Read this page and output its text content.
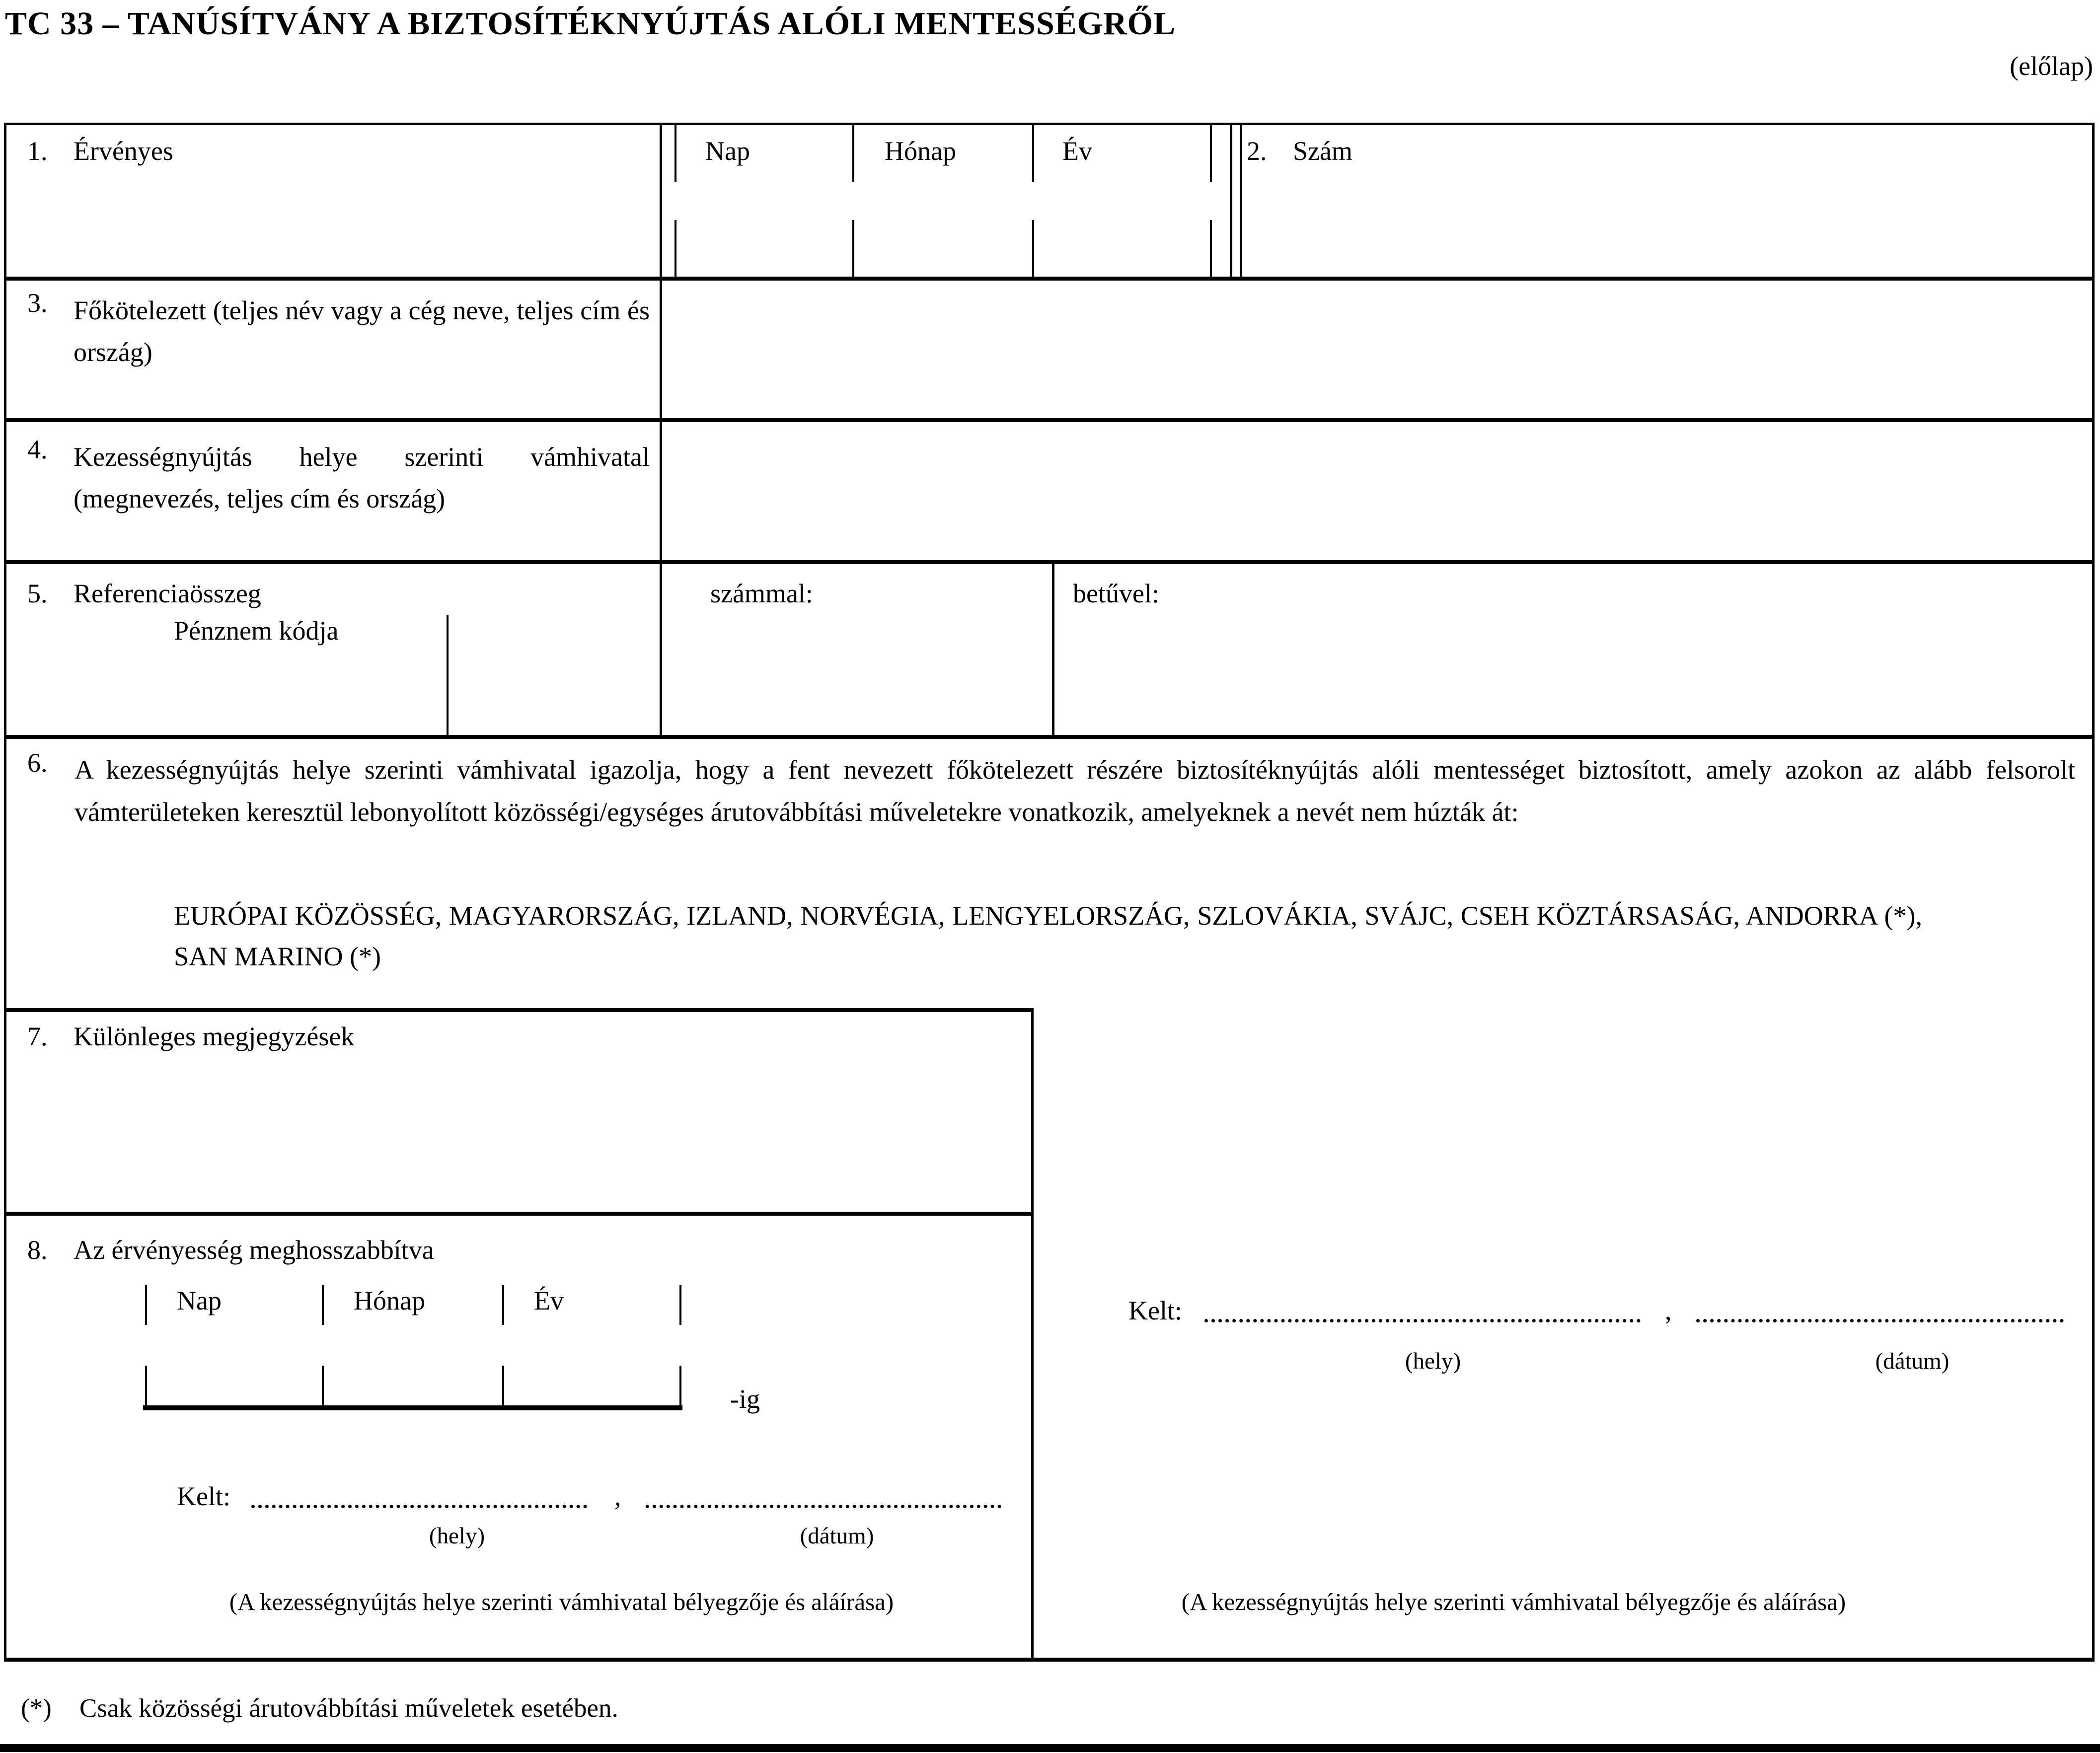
TC 33 – TANÚSÍTVÁNY A BIZTOSÍTÉKNYÚJTÁS ALÓLI MENTESSÉGRŐL
(előlap)
1. Érvényes	Nap	Hónap	Év	2. Szám
3. Főkötelezett (teljes név vagy a cég neve, teljes cím és ország)
4. Kezességnyújtás helye szerinti vámhivatal (megnevezés, teljes cím és ország)
5. Referenciaösszeg
Pénznem kódja
számmal:	betűvel:
6.	A kezességnyújtás helye szerinti vámhivatal igazolja, hogy a fent nevezett főkötelezett részére biztosítéknyújtás alóli mentességet biztosított, amely azokon az alább felsorolt vámterületeken keresztül lebonyolított közösségi/egységes árutovábbítási műveletekre vonatkozik, amelyeknek a nevét nem húzták át:
EURÓPAI KÖZÖSSÉG, MAGYARORSZÁG, IZLAND, NORVÉGIA, LENGYELORSZÁG, SZLOVÁKIA, SVÁJC, CSEH KÖZTÁRSASÁG, ANDORRA (*), SAN MARINO (*)
7. Különleges megjegyzések
8. Az érvényesség meghosszabbítva
Nap	Hónap	Év
-ig
Kelt:	,
(hely)	(dátum)
(A kezességnyújtás helye szerinti vámhivatal bélyegzője és aláírása)
Kelt:	,
(hely)	(dátum)
(A kezességnyújtás helye szerinti vámhivatal bélyegzője és aláírása)
(*) Csak közösségi árutovábbítási műveletek esetében.
